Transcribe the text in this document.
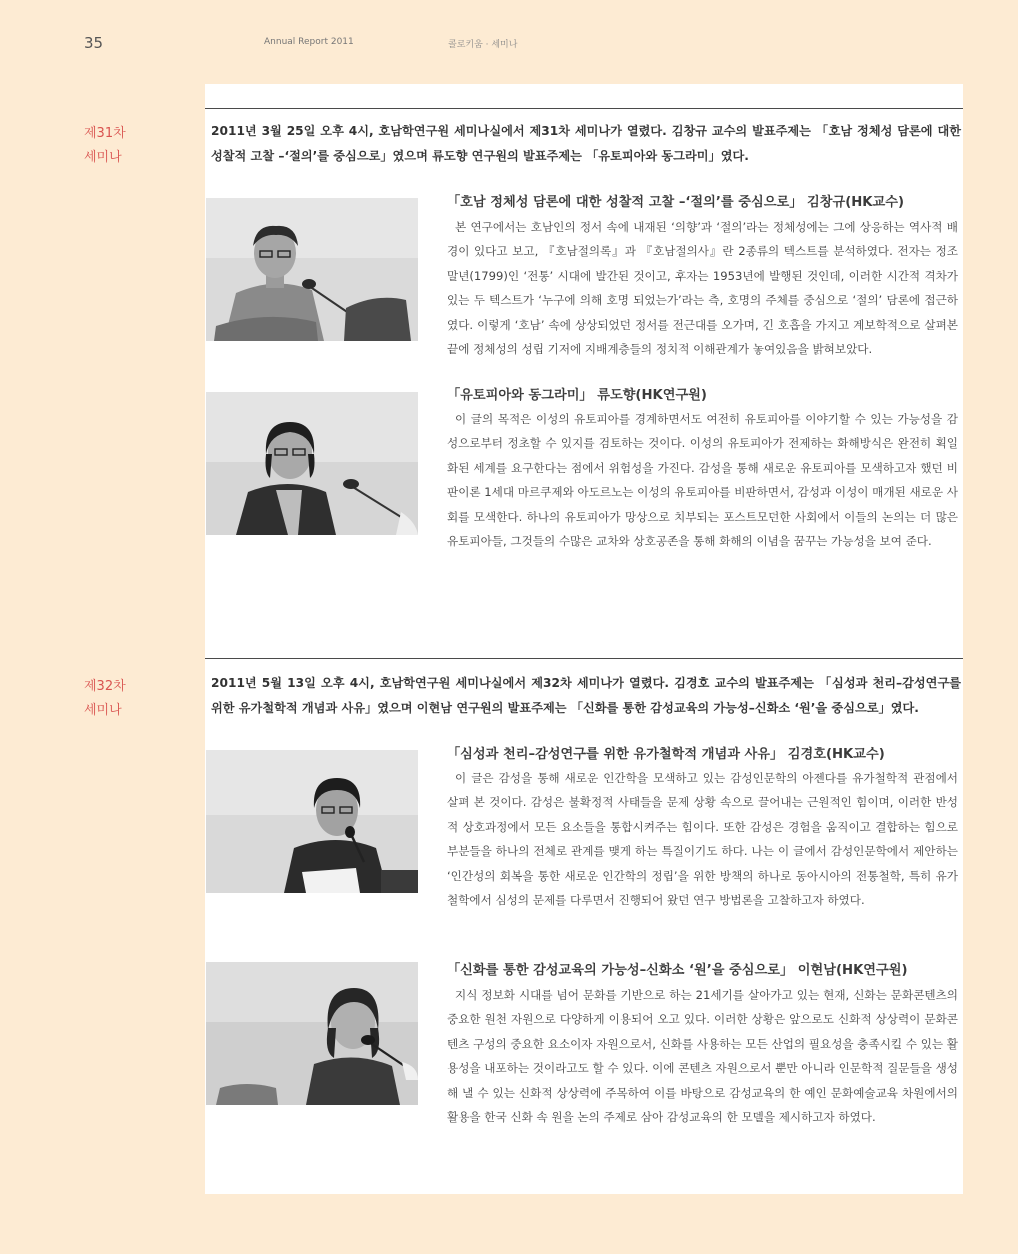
35	Annual Report 2011	콜로키움 · 세미나
제31차
세미나

2011년 3월 25일 오후 4시, 호남학연구원 세미나실에서 제31차 세미나가 열렸다. 김창규 교수의 발표주제는 「호남 정체성 담론에 대한 성찰적 고찰 –‘절의’를 중심으로」였으며 류도향 연구원의 발표주제는 「유토피아와 동그라미」였다.

「호남 정체성 담론에 대한 성찰적 고찰 –‘절의’를 중심으로」 김창규(HK교수)

본 연구에서는 호남인의 정서 속에 내재된 ‘의향’과 ‘절의’라는 정체성에는 그에 상응하는 역사적 배경이 있다고 보고, 『호남절의록』과 『호남절의사』란 2종류의 텍스트를 분석하였다. 전자는 정조 말년(1799)인 ‘전통’ 시대에 발간된 것이고, 후자는 1953년에 발행된 것인데, 이러한 시간적 격차가 있는 두 텍스트가 ‘누구에 의해 호명 되었는가’라는 측, 호명의 주체를 중심으로 ‘절의’ 담론에 접근하였다. 이렇게 ‘호남’ 속에 상상되었던 정서를 전근대를 오가며, 긴 호흡을 가지고 계보학적으로 살펴본 끝에 정체성의 성립 기저에 지배계층들의 정치적 이해관계가 놓여있음을 밝혀보았다.

「유토피아와 동그라미」 류도향(HK연구원)

이 글의 목적은 이성의 유토피아를 경계하면서도 여전히 유토피아를 이야기할 수 있는 가능성을 감성으로부터 정초할 수 있지를 검토하는 것이다. 이성의 유토피아가 전제하는 화해방식은 완전히 획일화된 세계를 요구한다는 점에서 위험성을 가진다. 감성을 통해 새로운 유토피아를 모색하고자 했던 비판이론 1세대 마르쿠제와 아도르노는 이성의 유토피아를 비판하면서, 감성과 이성이 매개된 새로운 사회를 모색한다. 하나의 유토피아가 망상으로 치부되는 포스트모던한 사회에서 이들의 논의는 더 많은 유토피아들, 그것들의 수많은 교차와 상호공존을 통해 화해의 이념을 꿈꾸는 가능성을 보여 준다.

제32차
세미나

2011년 5월 13일 오후 4시, 호남학연구원 세미나실에서 제32차 세미나가 열렸다. 김경호 교수의 발표주제는 「심성과 천리–감성연구를 위한 유가철학적 개념과 사유」였으며 이현남 연구원의 발표주제는 「신화를 통한 감성교육의 가능성–신화소 ‘원’을 중심으로」였다.

「심성과 천리–감성연구를 위한 유가철학적 개념과 사유」 김경호(HK교수)

이 글은 감성을 통해 새로운 인간학을 모색하고 있는 감성인문학의 아젠다를 유가철학적 관점에서 살펴 본 것이다. 감성은 불확정적 사태들을 문제 상황 속으로 끌어내는 근원적인 힘이며, 이러한 반성적 상호과정에서 모든 요소들을 통합시켜주는 힘이다. 또한 감성은 경험을 움직이고 결합하는 힘으로 부분들을 하나의 전체로 관계를 맺게 하는 특질이기도 하다. 나는 이 글에서 감성인문학에서 제안하는 ‘인간성의 회복을 통한 새로운 인간학의 정립’을 위한 방책의 하나로 동아시아의 전통철학, 특히 유가철학에서 심성의 문제를 다루면서 진행되어 왔던 연구 방법론을 고찰하고자 하였다.

「신화를 통한 감성교육의 가능성–신화소 ‘원’을 중심으로」 이현남(HK연구원)

지식 정보화 시대를 넘어 문화를 기반으로 하는 21세기를 살아가고 있는 현재, 신화는 문화콘텐츠의 중요한 원천 자원으로 다양하게 이용되어 오고 있다. 이러한 상황은 앞으로도 신화적 상상력이 문화콘텐츠 구성의 중요한 요소이자 자원으로서, 신화를 사용하는 모든 산업의 필요성을 충족시킬 수 있는 활용성을 내포하는 것이라고도 할 수 있다. 이에 콘텐츠 자원으로서 뿐만 아니라 인문학적 질문들을 생성해 낼 수 있는 신화적 상상력에 주목하여 이를 바탕으로 감성교육의 한 예인 문화예술교육 차원에서의 활용을 한국 신화 속 원을 논의 주제로 삼아 감성교육의 한 모델을 제시하고자 하였다.
